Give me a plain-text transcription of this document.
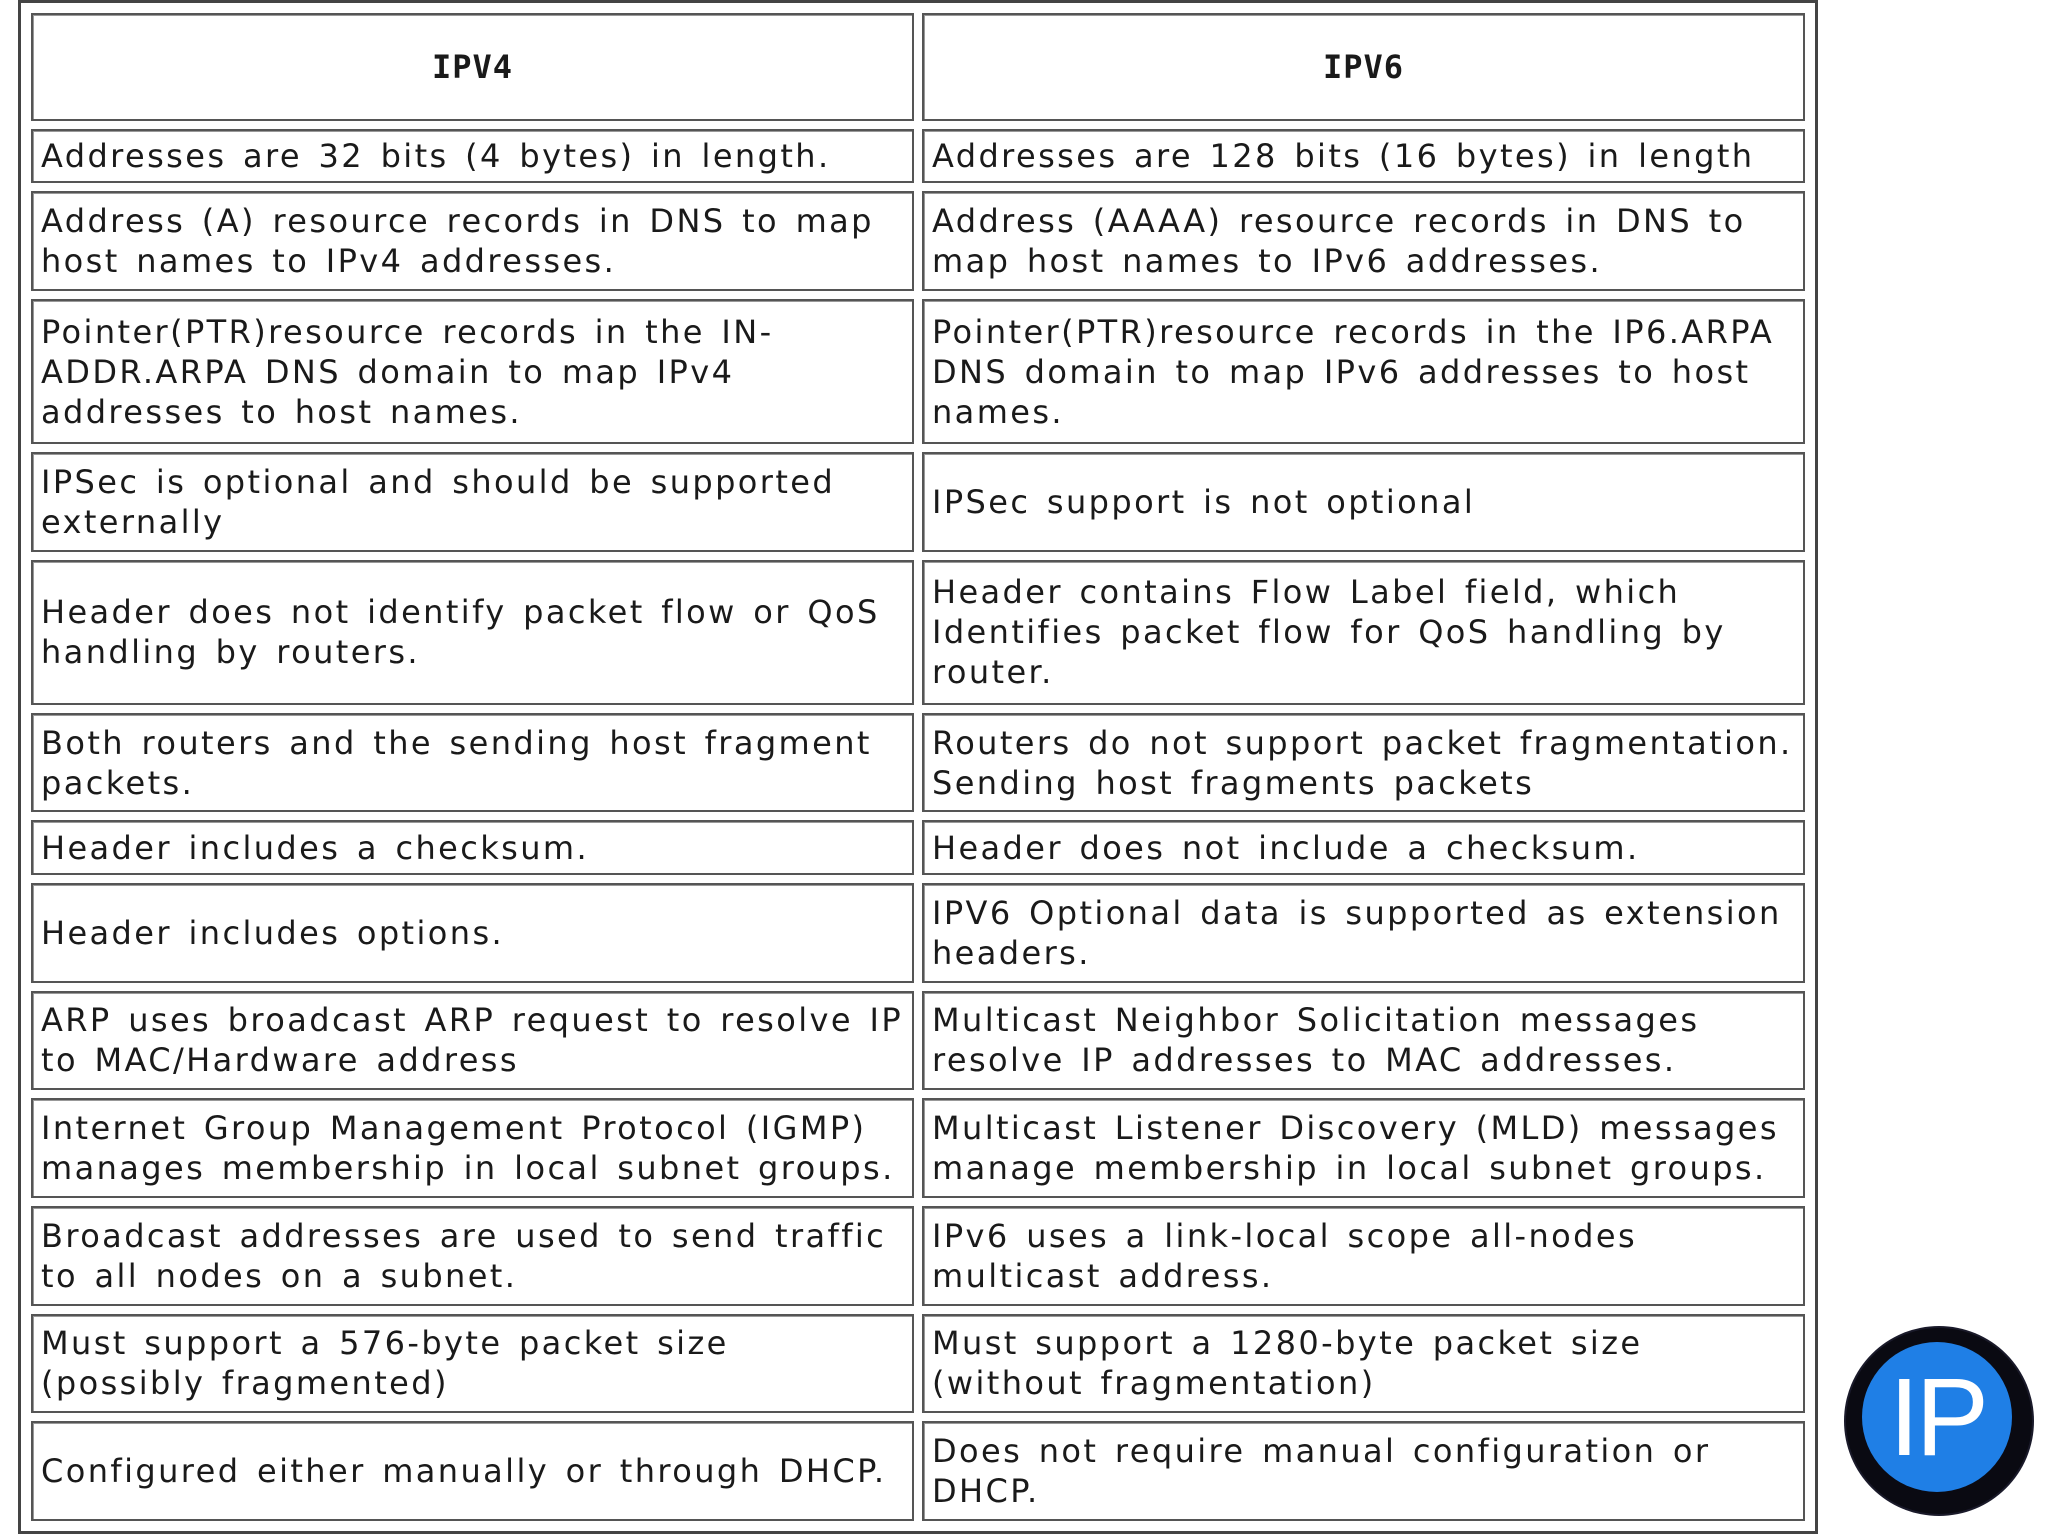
IPV4	IPV6
Addresses are 32 bits (4 bytes) in length.	Addresses are 128 bits (16 bytes) in length
Address (A) resource records in DNS to map host names to IPv4 addresses.	Address (AAAA) resource records in DNS to map host names to IPv6 addresses.
Pointer(PTR)resource records in the IN-ADDR.ARPA DNS domain to map IPv4 addresses to host names.	Pointer(PTR)resource records in the IP6.ARPA DNS domain to map IPv6 addresses to host names.
IPSec is optional and should be supported externally	IPSec support is not optional
Header does not identify packet flow or QoS handling by routers.	Header contains Flow Label field, which Identifies packet flow for QoS handling by router.
Both routers and the sending host fragment packets.	Routers do not support packet fragmentation. Sending host fragments packets
Header includes a checksum.	Header does not include a checksum.
Header includes options.	IPV6 Optional data is supported as extension headers.
ARP uses broadcast ARP request to resolve IP to MAC/Hardware address	Multicast Neighbor Solicitation messages resolve IP addresses to MAC addresses.
Internet Group Management Protocol (IGMP) manages membership in local subnet groups.	Multicast Listener Discovery (MLD) messages manage membership in local subnet groups.
Broadcast addresses are used to send traffic to all nodes on a subnet.	IPv6 uses a link-local scope all-nodes multicast address.
Must support a 576-byte packet size (possibly fragmented)	Must support a 1280-byte packet size (without fragmentation)
Configured either manually or through DHCP.	Does not require manual configuration or DHCP.
IP
